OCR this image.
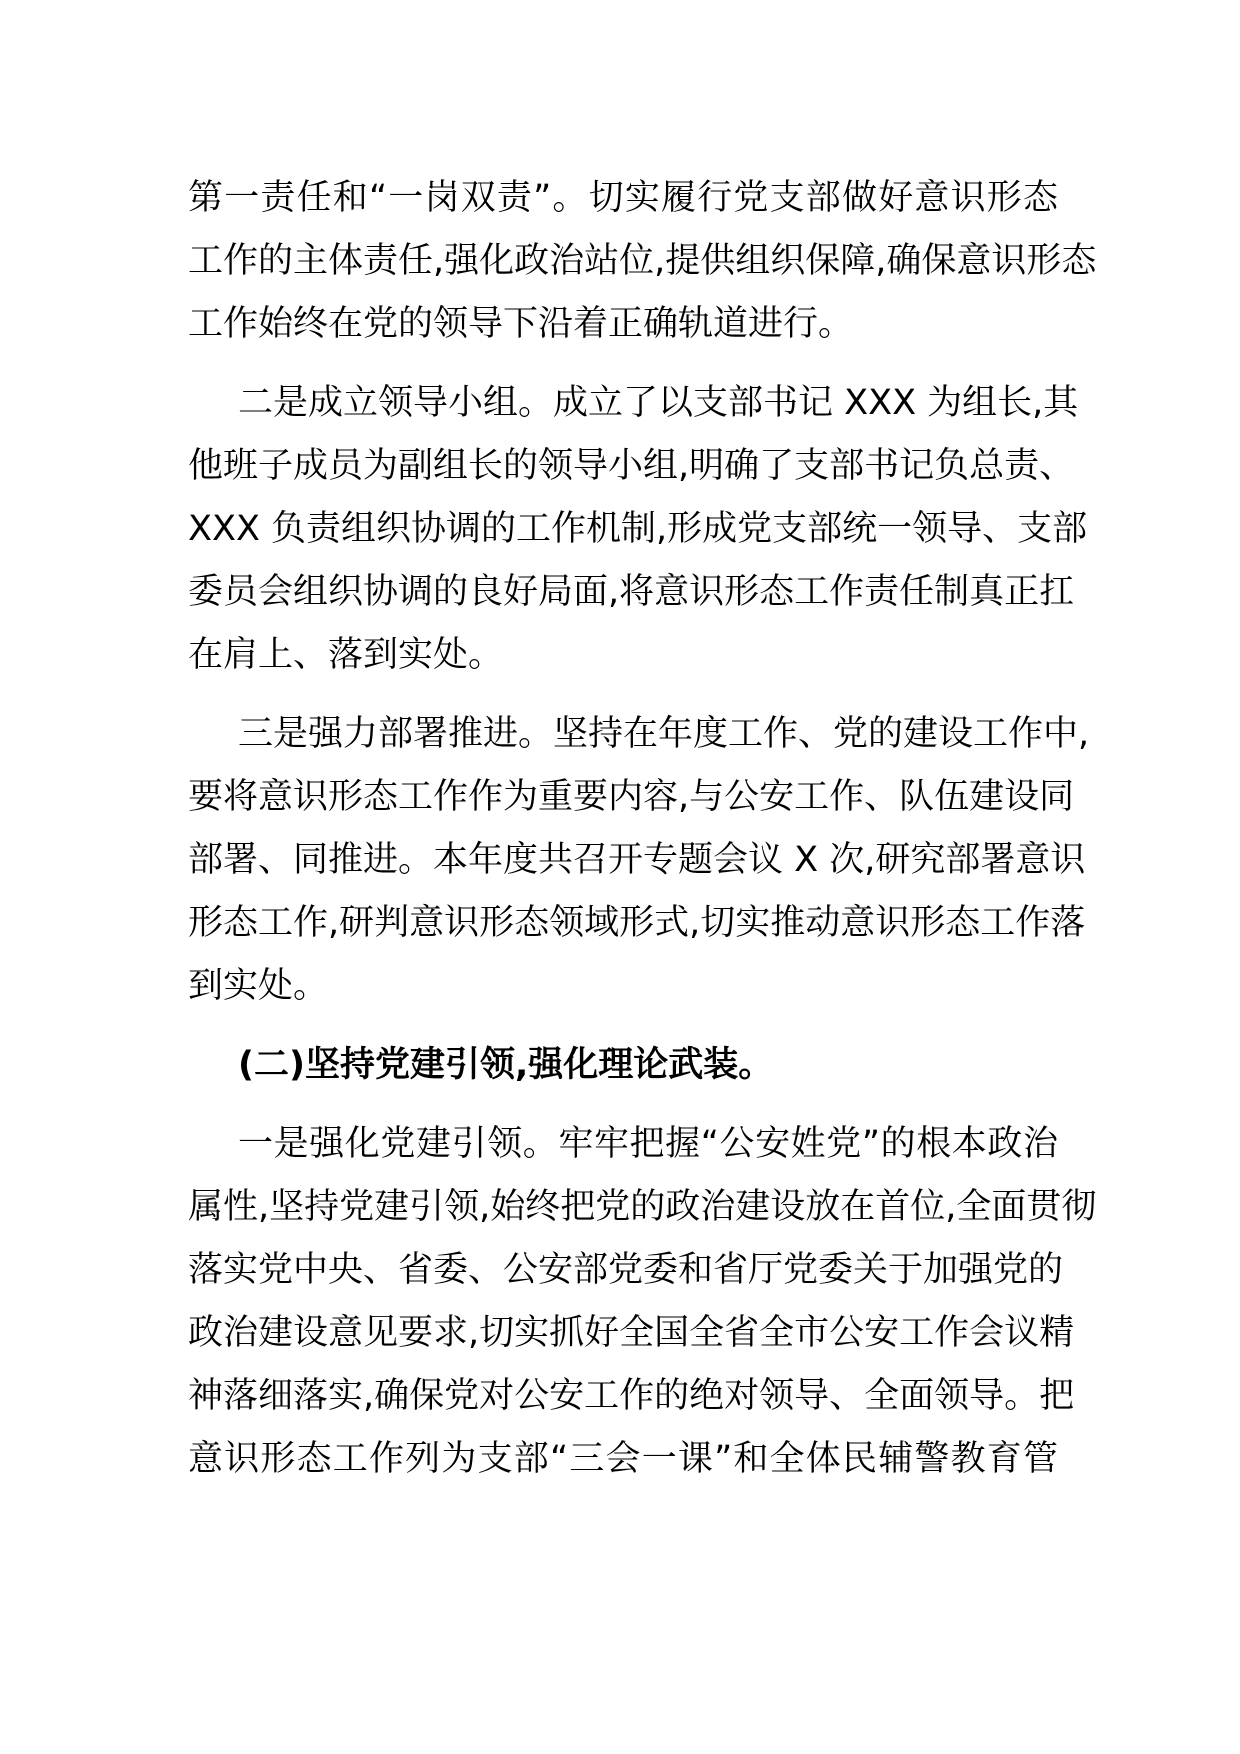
第一责任和“一岗双责”。切实履行党支部做好意识形态
工作的主体责任,强化政治站位,提供组织保障,确保意识形态
工作始终在党的领导下沿着正确轨道进行。
二是成立领导小组。成立了以支部书记 XXX 为组长,其
他班子成员为副组长的领导小组,明确了支部书记负总责、
XXX 负责组织协调的工作机制,形成党支部统一领导、支部
委员会组织协调的良好局面,将意识形态工作责任制真正扛
在肩上、落到实处。
三是强力部署推进。坚持在年度工作、党的建设工作中,
要将意识形态工作作为重要内容,与公安工作、队伍建设同
部署、同推进。本年度共召开专题会议 X 次,研究部署意识
形态工作,研判意识形态领域形式,切实推动意识形态工作落
到实处。
(二)坚持党建引领,强化理论武装。
一是强化党建引领。牢牢把握“公安姓党”的根本政治
属性,坚持党建引领,始终把党的政治建设放在首位,全面贯彻
落实党中央、省委、公安部党委和省厅党委关于加强党的
政治建设意见要求,切实抓好全国全省全市公安工作会议精
神落细落实,确保党对公安工作的绝对领导、全面领导。把
意识形态工作列为支部“三会一课”和全体民辅警教育管
